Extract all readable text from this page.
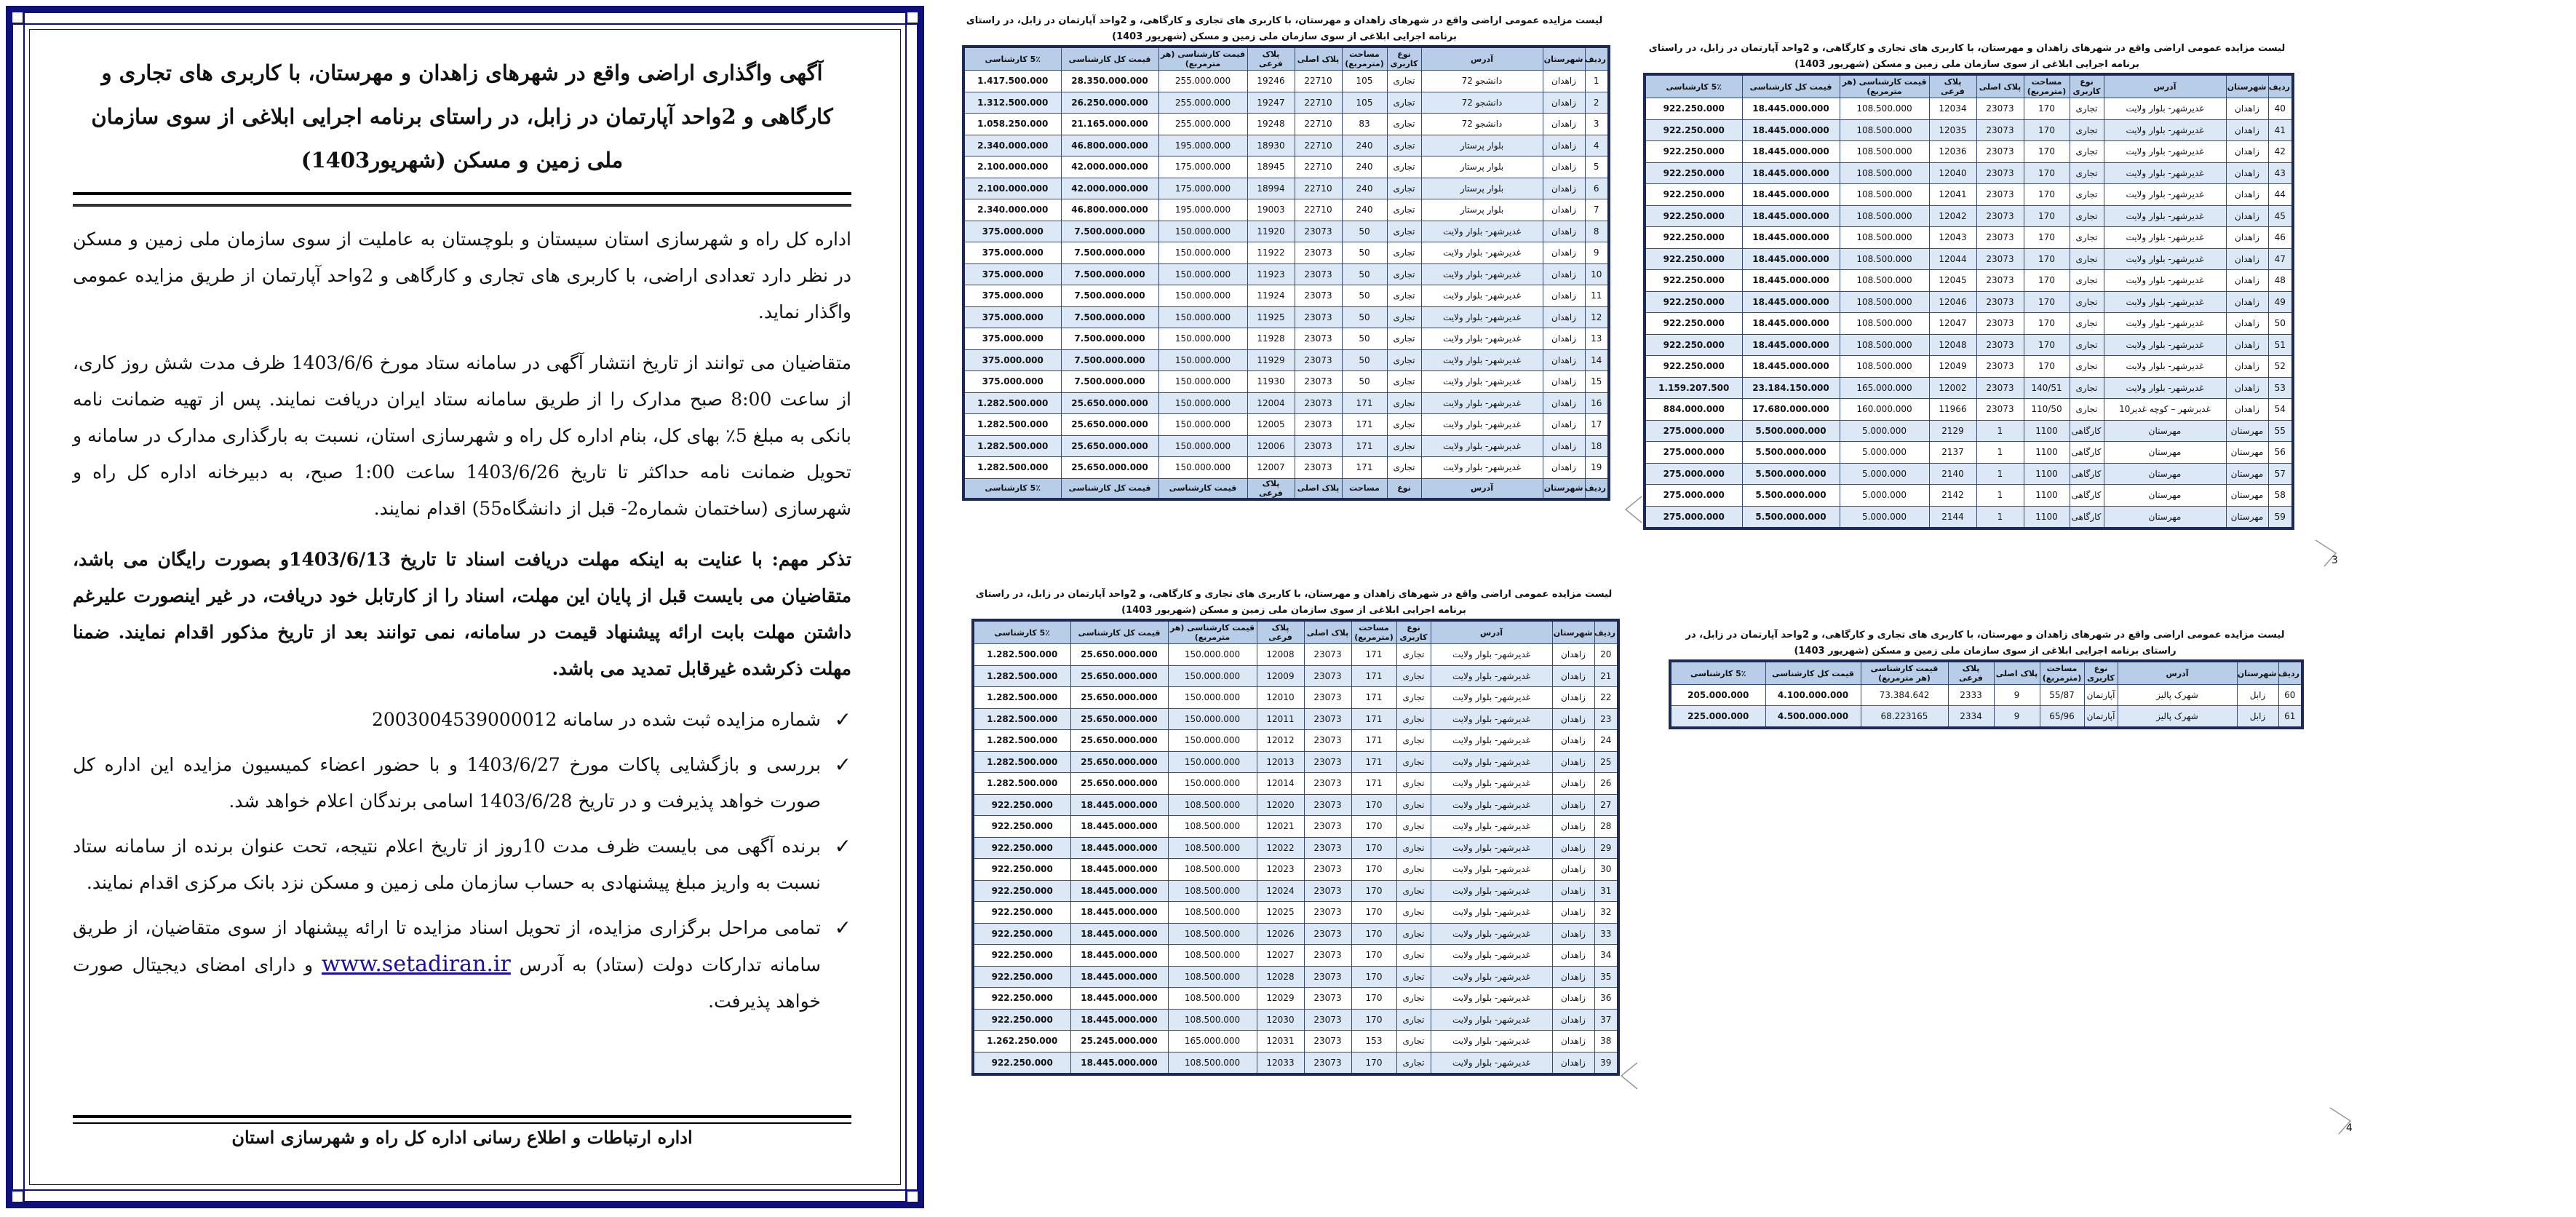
آگهی واگذاری اراضی واقع در شهرهای زاهدان و مهرستان، با کاربری های تجاری و کارگاهی و 2واحد آپارتمان در زابل، در راستای برنامه اجرایی ابلاغی از سوی سازمان ملی زمین و مسکن (شهریور1403)

اداره کل راه و شهرسازی استان سیستان و بلوچستان به عاملیت از سوی سازمان ملی زمین و مسکن در نظر دارد تعدادی اراضی، با کاربری های تجاری و کارگاهی و 2واحد آپارتمان از طریق مزایده عمومی واگذار نماید.

متقاضیان می توانند از تاریخ انتشار آگهی در سامانه ستاد مورخ 1403/6/6 ظرف مدت شش روز کاری، از ساعت 8:00 صبح مدارک را از طریق سامانه ستاد ایران دریافت نمایند. پس از تهیه ضمانت نامه بانکی به مبلغ 5٪ بهای کل، بنام اداره کل راه و شهرسازی استان، نسبت به بارگذاری مدارک در سامانه و تحویل ضمانت نامه حداکثر تا تاریخ 1403/6/26 ساعت 1:00 صبح، به دبیرخانه اداره کل راه و شهرسازی (ساختمان شماره2- قبل از دانشگاه55) اقدام نمایند.

تذکر مهم: با عنایت به اینکه مهلت دریافت اسناد تا تاریخ 1403/6/13و بصورت رایگان می باشد، متقاضیان می بایست قبل از پایان این مهلت، اسناد را از کارتابل خود دریافت، در غیر اینصورت علیرغم داشتن مهلت بابت ارائه پیشنهاد قیمت در سامانه، نمی توانند بعد از تاریخ مذکور اقدام نمایند. ضمنا مهلت ذکرشده غیرقابل تمدید می باشد.

✓
شماره مزایده ثبت شده در سامانه 2003004539000012
✓
بررسی و بازگشایی پاکات مورخ 1403/6/27 و با حضور اعضاء کمیسیون مزایده این اداره کل صورت خواهد پذیرفت و در تاریخ 1403/6/28 اسامی برندگان اعلام خواهد شد.
✓
برنده آگهی می بایست ظرف مدت 10روز از تاریخ اعلام نتیجه، تحت عنوان برنده از سامانه ستاد نسبت به واریز مبلغ پیشنهادی به حساب سازمان ملی زمین و مسکن نزد بانک مرکزی اقدام نمایند.
✓
تمامی مراحل برگزاری مزایده، از تحویل اسناد مزایده تا ارائه پیشنهاد از سوی متقاضیان، از طریق سامانه تدارکات دولت (ستاد) به آدرس www.setadiran.ir و دارای امضای دیجیتال صورت خواهد پذیرفت.
اداره ارتباطات و اطلاع رسانی اداره کل راه و شهرسازی استان
لیست مزایده عمومی اراضی واقع در شهرهای زاهدان و مهرستان، با کاربری های تجاری و کارگاهی، و 2واحد آپارتمان در زابل، در راستای برنامه اجرایی ابلاغی از سوی سازمان ملی زمین و مسکن (شهریور 1403)
ردیف	شهرستان	آدرس	نوع کاربری	مساحت (مترمربع)	پلاک اصلی	پلاک فرعی	قیمت کارشناسی (هر مترمربع)	قیمت کل کارشناسی	5٪ کارشناسی
1	زاهدان	دانشجو 72	تجاری	105	22710	19246	255.000.000	28.350.000.000	1.417.500.000
2	زاهدان	دانشجو 72	تجاری	105	22710	19247	255.000.000	26.250.000.000	1.312.500.000
3	زاهدان	دانشجو 72	تجاری	83	22710	19248	255.000.000	21.165.000.000	1.058.250.000
4	زاهدان	بلوار پرستار	تجاری	240	22710	18930	195.000.000	46.800.000.000	2.340.000.000
5	زاهدان	بلوار پرستار	تجاری	240	22710	18945	175.000.000	42.000.000.000	2.100.000.000
6	زاهدان	بلوار پرستار	تجاری	240	22710	18994	175.000.000	42.000.000.000	2.100.000.000
7	زاهدان	بلوار پرستار	تجاری	240	22710	19003	195.000.000	46.800.000.000	2.340.000.000
8	زاهدان	غدیرشهر- بلوار ولایت	تجاری	50	23073	11920	150.000.000	7.500.000.000	375.000.000
9	زاهدان	غدیرشهر- بلوار ولایت	تجاری	50	23073	11922	150.000.000	7.500.000.000	375.000.000
10	زاهدان	غدیرشهر- بلوار ولایت	تجاری	50	23073	11923	150.000.000	7.500.000.000	375.000.000
11	زاهدان	غدیرشهر- بلوار ولایت	تجاری	50	23073	11924	150.000.000	7.500.000.000	375.000.000
12	زاهدان	غدیرشهر- بلوار ولایت	تجاری	50	23073	11925	150.000.000	7.500.000.000	375.000.000
13	زاهدان	غدیرشهر- بلوار ولایت	تجاری	50	23073	11928	150.000.000	7.500.000.000	375.000.000
14	زاهدان	غدیرشهر- بلوار ولایت	تجاری	50	23073	11929	150.000.000	7.500.000.000	375.000.000
15	زاهدان	غدیرشهر- بلوار ولایت	تجاری	50	23073	11930	150.000.000	7.500.000.000	375.000.000
16	زاهدان	غدیرشهر- بلوار ولایت	تجاری	171	23073	12004	150.000.000	25.650.000.000	1.282.500.000
17	زاهدان	غدیرشهر- بلوار ولایت	تجاری	171	23073	12005	150.000.000	25.650.000.000	1.282.500.000
18	زاهدان	غدیرشهر- بلوار ولایت	تجاری	171	23073	12006	150.000.000	25.650.000.000	1.282.500.000
19	زاهدان	غدیرشهر- بلوار ولایت	تجاری	171	23073	12007	150.000.000	25.650.000.000	1.282.500.000
ردیف	شهرستان	آدرس	نوع	مساحت	پلاک اصلی	پلاک فرعی	قیمت کارشناسی	قیمت کل کارشناسی	5٪ کارشناسی
لیست مزایده عمومی اراضی واقع در شهرهای زاهدان و مهرستان، با کاربری های تجاری و کارگاهی، و 2واحد آپارتمان در زابل، در راستای برنامه اجرایی ابلاغی از سوی سازمان ملی زمین و مسکن (شهریور 1403)
ردیف	شهرستان	آدرس	نوع کاربری	مساحت (مترمربع)	پلاک اصلی	پلاک فرعی	قیمت کارشناسی (هر مترمربع)	قیمت کل کارشناسی	5٪ کارشناسی
20	زاهدان	غدیرشهر- بلوار ولایت	تجاری	171	23073	12008	150.000.000	25.650.000.000	1.282.500.000
21	زاهدان	غدیرشهر- بلوار ولایت	تجاری	171	23073	12009	150.000.000	25.650.000.000	1.282.500.000
22	زاهدان	غدیرشهر- بلوار ولایت	تجاری	171	23073	12010	150.000.000	25.650.000.000	1.282.500.000
23	زاهدان	غدیرشهر- بلوار ولایت	تجاری	171	23073	12011	150.000.000	25.650.000.000	1.282.500.000
24	زاهدان	غدیرشهر- بلوار ولایت	تجاری	171	23073	12012	150.000.000	25.650.000.000	1.282.500.000
25	زاهدان	غدیرشهر- بلوار ولایت	تجاری	171	23073	12013	150.000.000	25.650.000.000	1.282.500.000
26	زاهدان	غدیرشهر- بلوار ولایت	تجاری	171	23073	12014	150.000.000	25.650.000.000	1.282.500.000
27	زاهدان	غدیرشهر- بلوار ولایت	تجاری	170	23073	12020	108.500.000	18.445.000.000	922.250.000
28	زاهدان	غدیرشهر- بلوار ولایت	تجاری	170	23073	12021	108.500.000	18.445.000.000	922.250.000
29	زاهدان	غدیرشهر- بلوار ولایت	تجاری	170	23073	12022	108.500.000	18.445.000.000	922.250.000
30	زاهدان	غدیرشهر- بلوار ولایت	تجاری	170	23073	12023	108.500.000	18.445.000.000	922.250.000
31	زاهدان	غدیرشهر- بلوار ولایت	تجاری	170	23073	12024	108.500.000	18.445.000.000	922.250.000
32	زاهدان	غدیرشهر- بلوار ولایت	تجاری	170	23073	12025	108.500.000	18.445.000.000	922.250.000
33	زاهدان	غدیرشهر- بلوار ولایت	تجاری	170	23073	12026	108.500.000	18.445.000.000	922.250.000
34	زاهدان	غدیرشهر- بلوار ولایت	تجاری	170	23073	12027	108.500.000	18.445.000.000	922.250.000
35	زاهدان	غدیرشهر- بلوار ولایت	تجاری	170	23073	12028	108.500.000	18.445.000.000	922.250.000
36	زاهدان	غدیرشهر- بلوار ولایت	تجاری	170	23073	12029	108.500.000	18.445.000.000	922.250.000
37	زاهدان	غدیرشهر- بلوار ولایت	تجاری	170	23073	12030	108.500.000	18.445.000.000	922.250.000
38	زاهدان	غدیرشهر- بلوار ولایت	تجاری	153	23073	12031	165.000.000	25.245.000.000	1.262.250.000
39	زاهدان	غدیرشهر- بلوار ولایت	تجاری	170	23073	12033	108.500.000	18.445.000.000	922.250.000
لیست مزایده عمومی اراضی واقع در شهرهای زاهدان و مهرستان، با کاربری های تجاری و کارگاهی، و 2واحد آپارتمان در زابل، در راستای برنامه اجرایی ابلاغی از سوی سازمان ملی زمین و مسکن (شهریور 1403)
ردیف	شهرستان	آدرس	نوع کاربری	مساحت (مترمربع)	پلاک اصلی	پلاک فرعی	قیمت کارشناسی (هر مترمربع)	قیمت کل کارشناسی	5٪ کارشناسی
40	زاهدان	غدیرشهر- بلوار ولایت	تجاری	170	23073	12034	108.500.000	18.445.000.000	922.250.000
41	زاهدان	غدیرشهر- بلوار ولایت	تجاری	170	23073	12035	108.500.000	18.445.000.000	922.250.000
42	زاهدان	غدیرشهر- بلوار ولایت	تجاری	170	23073	12036	108.500.000	18.445.000.000	922.250.000
43	زاهدان	غدیرشهر- بلوار ولایت	تجاری	170	23073	12040	108.500.000	18.445.000.000	922.250.000
44	زاهدان	غدیرشهر- بلوار ولایت	تجاری	170	23073	12041	108.500.000	18.445.000.000	922.250.000
45	زاهدان	غدیرشهر- بلوار ولایت	تجاری	170	23073	12042	108.500.000	18.445.000.000	922.250.000
46	زاهدان	غدیرشهر- بلوار ولایت	تجاری	170	23073	12043	108.500.000	18.445.000.000	922.250.000
47	زاهدان	غدیرشهر- بلوار ولایت	تجاری	170	23073	12044	108.500.000	18.445.000.000	922.250.000
48	زاهدان	غدیرشهر- بلوار ولایت	تجاری	170	23073	12045	108.500.000	18.445.000.000	922.250.000
49	زاهدان	غدیرشهر- بلوار ولایت	تجاری	170	23073	12046	108.500.000	18.445.000.000	922.250.000
50	زاهدان	غدیرشهر- بلوار ولایت	تجاری	170	23073	12047	108.500.000	18.445.000.000	922.250.000
51	زاهدان	غدیرشهر- بلوار ولایت	تجاری	170	23073	12048	108.500.000	18.445.000.000	922.250.000
52	زاهدان	غدیرشهر- بلوار ولایت	تجاری	170	23073	12049	108.500.000	18.445.000.000	922.250.000
53	زاهدان	غدیرشهر- بلوار ولایت	تجاری	140/51	23073	12002	165.000.000	23.184.150.000	1.159.207.500
54	زاهدان	غدیرشهر – کوچه غدیر10	تجاری	110/50	23073	11966	160.000.000	17.680.000.000	884.000.000
55	مهرستان	مهرستان	کارگاهی	1100	1	2129	5.000.000	5.500.000.000	275.000.000
56	مهرستان	مهرستان	کارگاهی	1100	1	2137	5.000.000	5.500.000.000	275.000.000
57	مهرستان	مهرستان	کارگاهی	1100	1	2140	5.000.000	5.500.000.000	275.000.000
58	مهرستان	مهرستان	کارگاهی	1100	1	2142	5.000.000	5.500.000.000	275.000.000
59	مهرستان	مهرستان	کارگاهی	1100	1	2144	5.000.000	5.500.000.000	275.000.000
لیست مزایده عمومی اراضی واقع در شهرهای زاهدان و مهرستان، با کاربری های تجاری و کارگاهی، و 2واحد آپارتمان در زابل، در راستای برنامه اجرایی ابلاغی از سوی سازمان ملی زمین و مسکن (شهریور 1403)
ردیف	شهرستان	آدرس	نوع کاربری	مساحت (مترمربع)	پلاک اصلی	پلاک فرعی	قیمت کارشناسی (هر مترمربع)	قیمت کل کارشناسی	5٪ کارشناسی
60	زابل	شهرک پالیز	آپارتمان	55/87	9	2333	73.384.642	4.100.000.000	205.000.000
61	زابل	شهرک پالیز	آپارتمان	65/96	9	2334	68.223165	4.500.000.000	225.000.000
3
4
